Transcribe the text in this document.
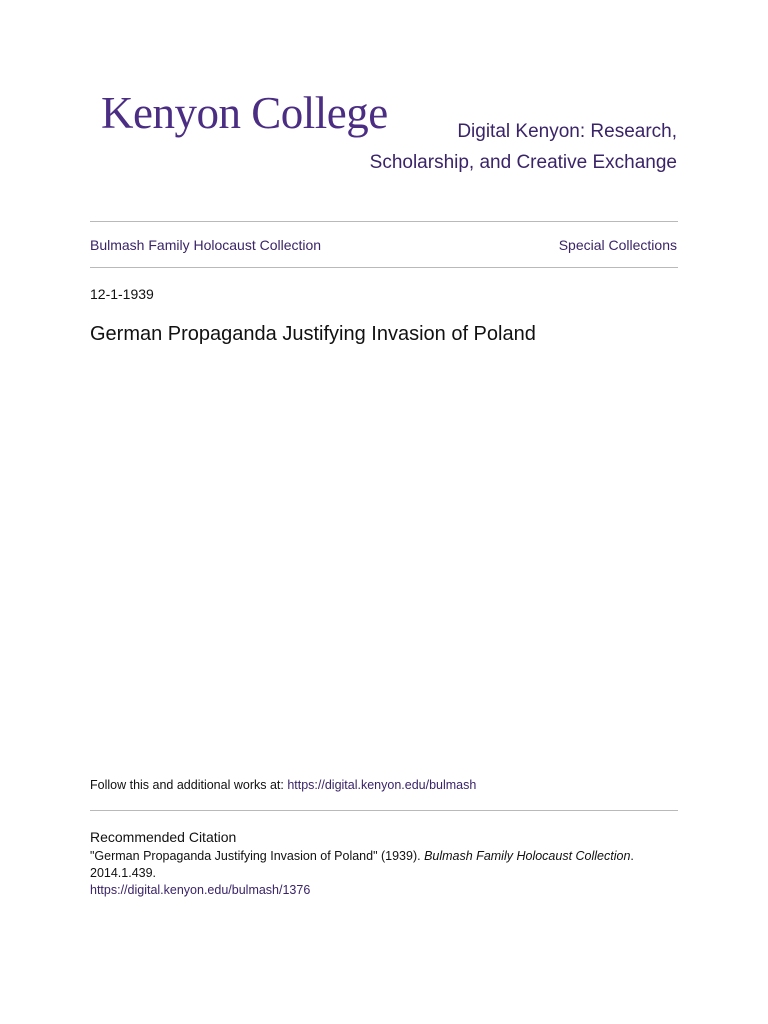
Kenyon College	Digital Kenyon: Research,
Scholarship, and Creative Exchange
Bulmash Family Holocaust Collection	Special Collections
12-1-1939
German Propaganda Justifying Invasion of Poland
Follow this and additional works at: https://digital.kenyon.edu/bulmash
Recommended Citation
"German Propaganda Justifying Invasion of Poland" (1939). Bulmash Family Holocaust Collection.
2014.1.439.
https://digital.kenyon.edu/bulmash/1376
